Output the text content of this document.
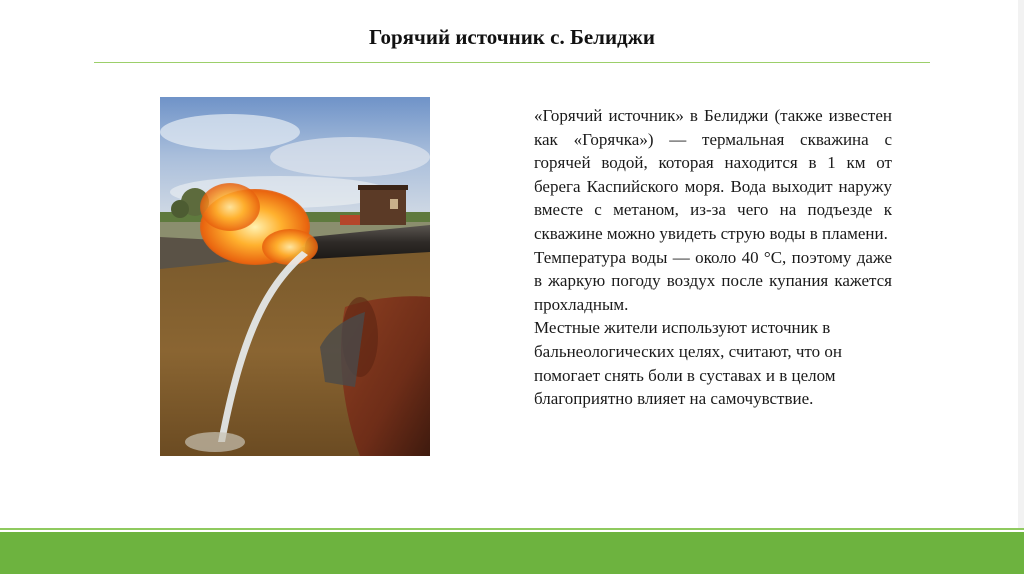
Горячий источник с. Белиджи

«Горячий источник» в Белиджи (также известен как «Горячка») — термальная скважина с горячей водой, которая находится в 1 км от берега Каспийского моря. Вода выходит наружу вместе с метаном, из-за чего на подъезде к скважине можно увидеть струю воды в пламени.

Температура воды — около 40 °C, поэтому даже в жаркую погоду воздух после купания кажется прохладным.

Местные жители используют источник в бальнеологических целях, считают, что он помогает снять боли в суставах и в целом благоприятно влияет на самочувствие.
